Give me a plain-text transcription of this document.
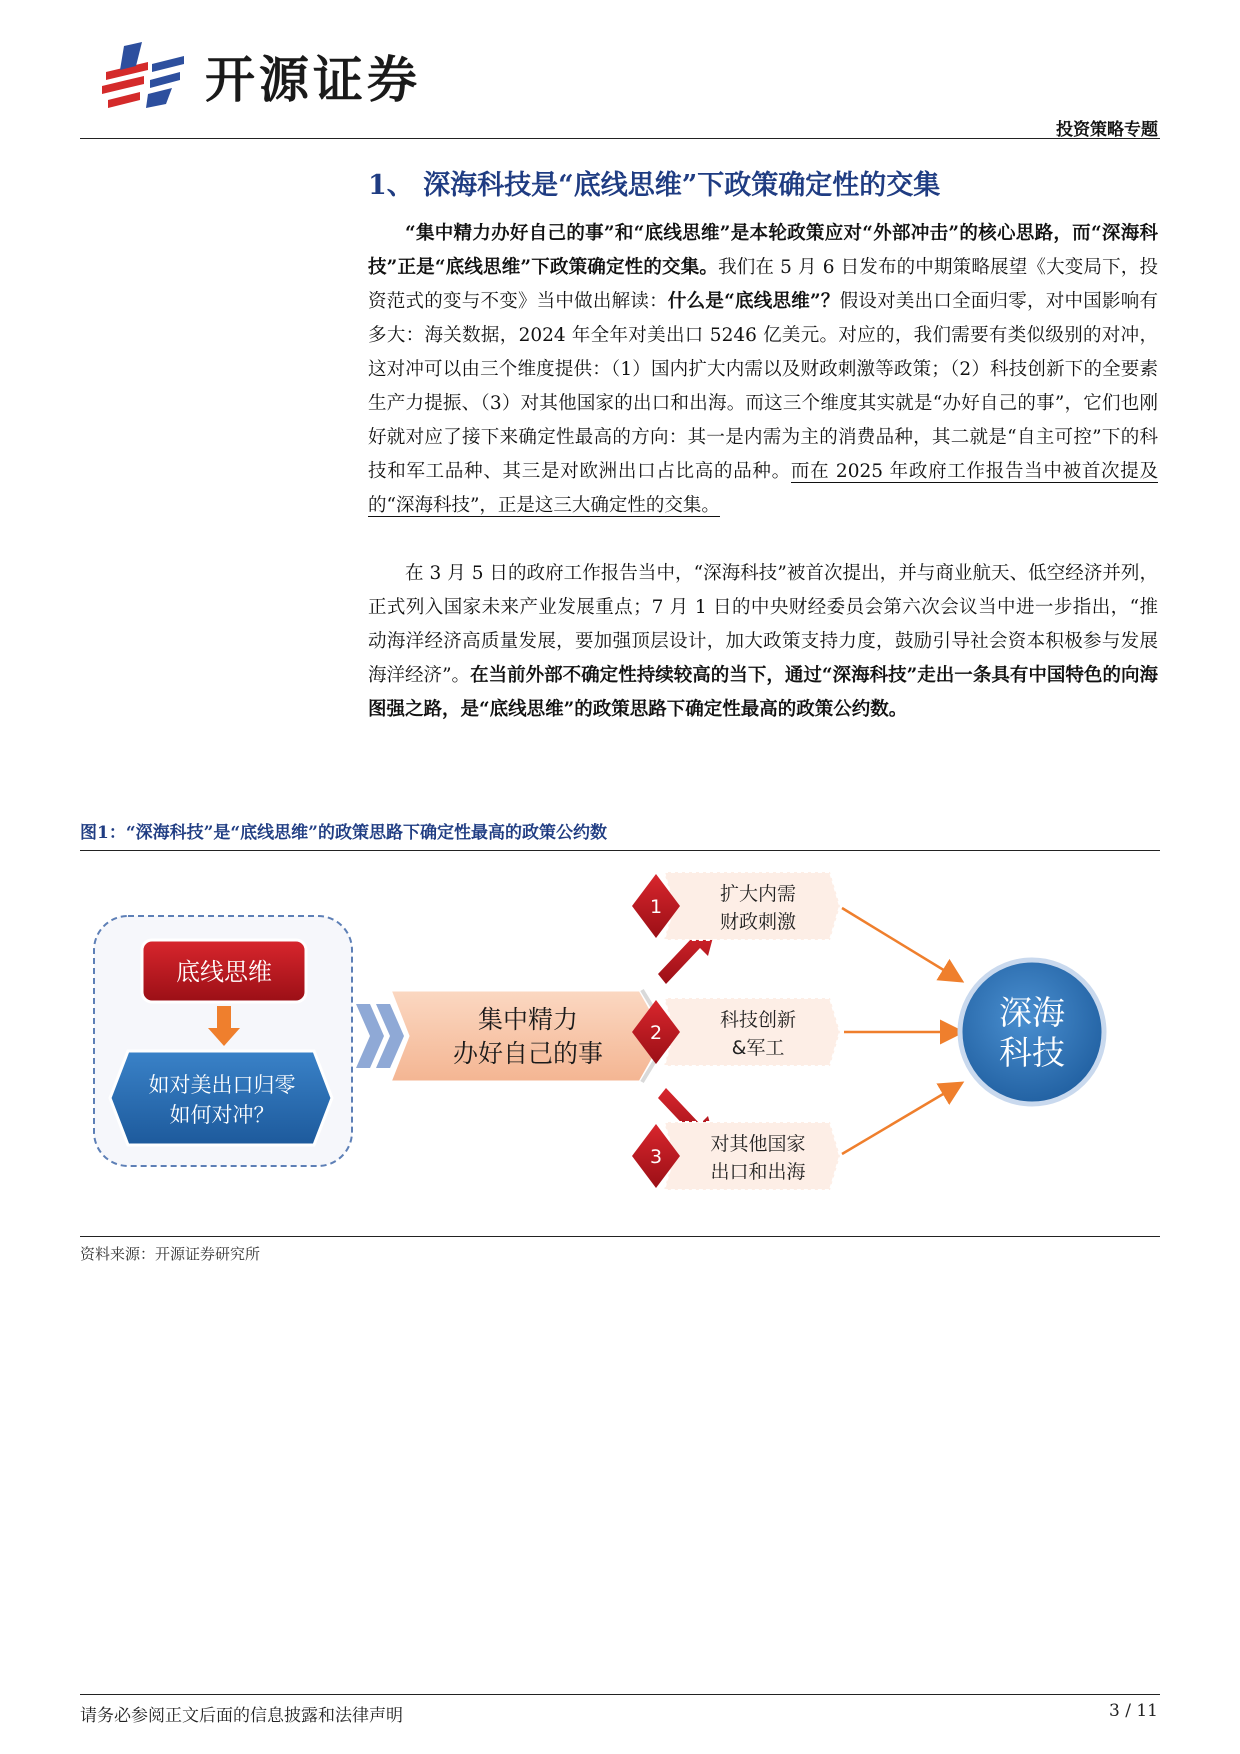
开源证券
投资策略专题
1、 深海科技是“底线思维”下政策确定性的交集

“集中精力办好自己的事”和“底线思维”是本轮政策应对“外部冲击”的核心思路，而“深海科技”正是“底线思维”下政策确定性的交集。我们在 5 月 6 日发布的中期策略展望《大变局下，投资范式的变与不变》当中做出解读：什么是“底线思维”？假设对美出口全面归零，对中国影响有多大：海关数据，2024 年全年对美出口 5246 亿美元。对应的，我们需要有类似级别的对冲，这对冲可以由三个维度提供：（1）国内扩大内需以及财政刺激等政策；（2）科技创新下的全要素生产力提振、（3）对其他国家的出口和出海。而这三个维度其实就是“办好自己的事”，它们也刚好就对应了接下来确定性最高的方向：其一是内需为主的消费品种，其二就是“自主可控”下的科技和军工品种、其三是对欧洲出口占比高的品种。而在 2025 年政府工作报告当中被首次提及的“深海科技”，正是这三大确定性的交集。

在 3 月 5 日的政府工作报告当中，“深海科技”被首次提出，并与商业航天、低空经济并列，正式列入国家未来产业发展重点；7 月 1 日的中央财经委员会第六次会议当中进一步指出，“推动海洋经济高质量发展，要加强顶层设计，加大政策支持力度，鼓励引导社会资本积极参与发展海洋经济”。在当前外部不确定性持续较高的当下，通过“深海科技”走出一条具有中国特色的向海图强之路，是“底线思维”的政策思路下确定性最高的政策公约数。

图1：“深海科技”是“底线思维”的政策思路下确定性最高的政策公约数
底线思维
如对美出口归零
如何对冲？
集中精力
办好自己的事
1
扩大内需
财政刺激
2
科技创新
&军工
3
对其他国家
出口和出海
深海
科技
资料来源：开源证券研究所
请务必参阅正文后面的信息披露和法律声明	3 / 11
